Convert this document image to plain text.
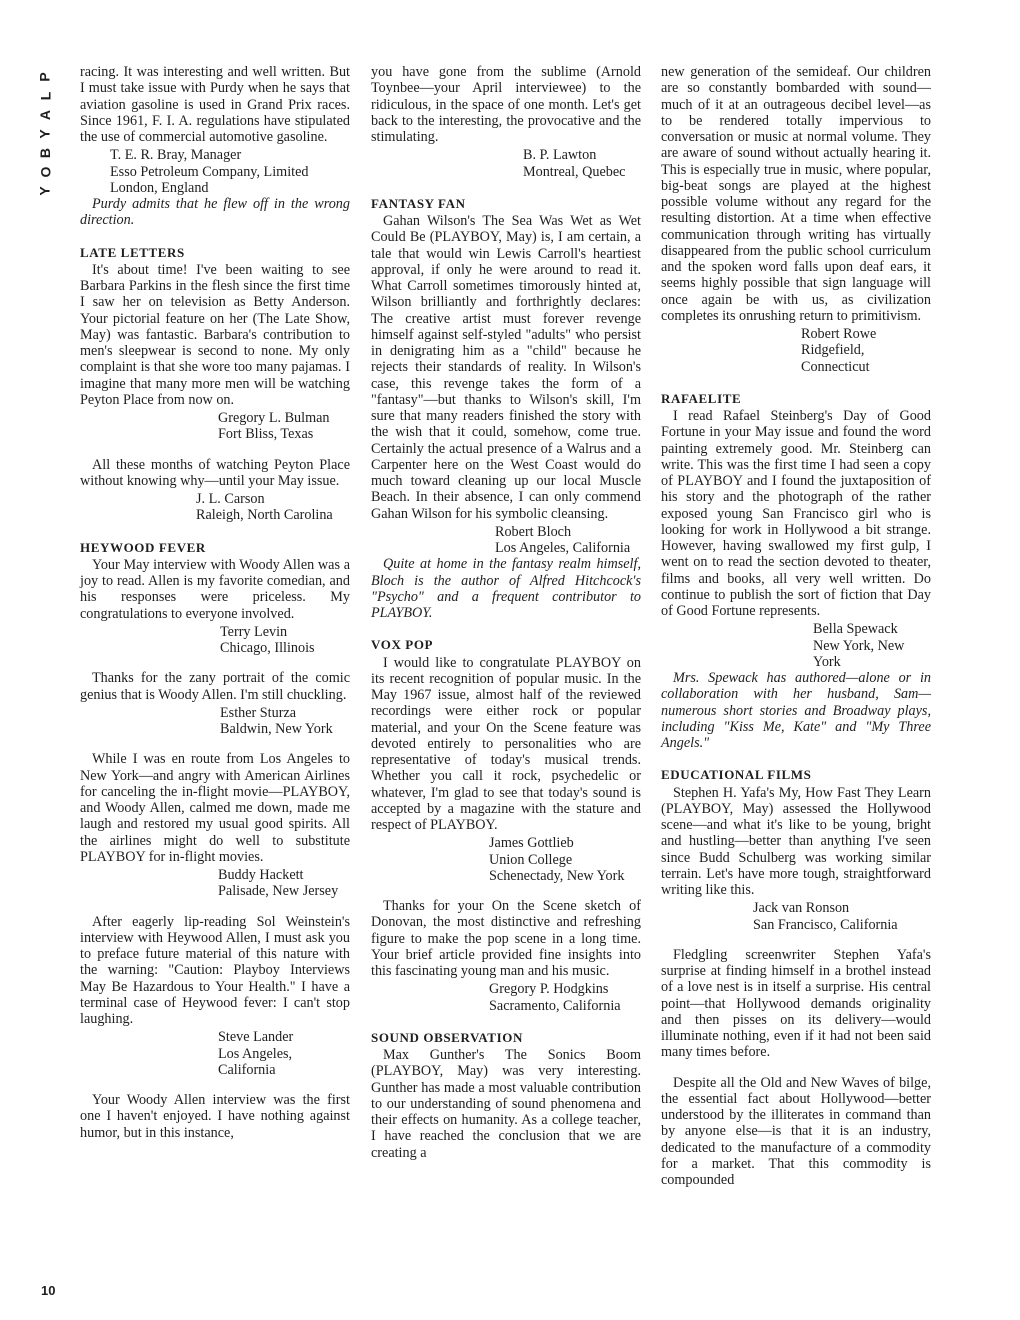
P
L
A
Y
B
O
Y
10

racing. It was interesting and well written. But I must take issue with Purdy when he says that aviation gasoline is used in Grand Prix races. Since 1961, F. I. A. regulations have stipulated the use of commercial automotive gasoline.

T. E. R. Bray, Manager
Esso Petroleum Company, Limited
London, England

Purdy admits that he flew off in the wrong direction.

LATE LETTERS

It's about time! I've been waiting to see Barbara Parkins in the flesh since the first time I saw her on television as Betty Anderson. Your pictorial feature on her (The Late Show, May) was fantastic. Barbara's contribution to men's sleepwear is second to none. My only complaint is that she wore too many pajamas. I imagine that many more men will be watching Peyton Place from now on.

Gregory L. Bulman
Fort Bliss, Texas

All these months of watching Peyton Place without knowing why—until your May issue.

J. L. Carson
Raleigh, North Carolina
HEYWOOD FEVER

Your May interview with Woody Allen was a joy to read. Allen is my favorite comedian, and his responses were priceless. My congratulations to everyone involved.

Terry Levin
Chicago, Illinois

Thanks for the zany portrait of the comic genius that is Woody Allen. I'm still chuckling.

Esther Sturza
Baldwin, New York

While I was en route from Los Angeles to New York—and angry with American Airlines for canceling the in-flight movie—PLAYBOY, and Woody Allen, calmed me down, made me laugh and restored my usual good spirits. All the airlines might do well to substitute PLAYBOY for in-flight movies.

Buddy Hackett
Palisade, New Jersey

After eagerly lip-reading Sol Weinstein's interview with Heywood Allen, I must ask you to preface future material of this nature with the warning: "Caution: Playboy Interviews May Be Hazardous to Your Health." I have a terminal case of Heywood fever: I can't stop laughing.

Steve Lander
Los Angeles, California

Your Woody Allen interview was the first one I haven't enjoyed. I have nothing against humor, but in this instance,

you have gone from the sublime (Arnold Toynbee—your April interviewee) to the ridiculous, in the space of one month. Let's get back to the interesting, the provocative and the stimulating.

B. P. Lawton
Montreal, Quebec
FANTASY FAN

Gahan Wilson's The Sea Was Wet as Wet Could Be (PLAYBOY, May) is, I am certain, a tale that would win Lewis Carroll's heartiest approval, if only he were around to read it. What Carroll sometimes timorously hinted at, Wilson brilliantly and forthrightly declares: The creative artist must forever revenge himself against self-styled "adults" who persist in denigrating him as a "child" because he rejects their standards of reality. In Wilson's case, this revenge takes the form of a "fantasy"—but thanks to Wilson's skill, I'm sure that many readers finished the story with the wish that it could, somehow, come true. Certainly the actual presence of a Walrus and a Carpenter here on the West Coast would do much toward cleaning up our local Muscle Beach. In their absence, I can only commend Gahan Wilson for his symbolic cleansing.

Robert Bloch
Los Angeles, California

Quite at home in the fantasy realm himself, Bloch is the author of Alfred Hitchcock's "Psycho" and a frequent contributor to PLAYBOY.

VOX POP

I would like to congratulate PLAYBOY on its recent recognition of popular music. In the May 1967 issue, almost half of the reviewed recordings were either rock or popular material, and your On the Scene feature was devoted entirely to personalities who are representative of today's musical trends. Whether you call it rock, psychedelic or whatever, I'm glad to see that today's sound is accepted by a magazine with the stature and respect of PLAYBOY.

James Gottlieb
Union College
Schenectady, New York

Thanks for your On the Scene sketch of Donovan, the most distinctive and refreshing figure to make the pop scene in a long time. Your brief article provided fine insights into this fascinating young man and his music.

Gregory P. Hodgkins
Sacramento, California
SOUND OBSERVATION

Max Gunther's The Sonics Boom (PLAYBOY, May) was very interesting. Gunther has made a most valuable contribution to our understanding of sound phenomena and their effects on humanity. As a college teacher, I have reached the conclusion that we are creating a

new generation of the semideaf. Our children are so constantly bombarded with sound—much of it at an outrageous decibel level—as to be rendered totally impervious to conversation or music at normal volume. They are aware of sound without actually hearing it. This is especially true in music, where popular, big-beat songs are played at the highest possible volume without any regard for the resulting distortion. At a time when effective communication through writing has virtually disappeared from the public school curriculum and the spoken word falls upon deaf ears, it seems highly possible that sign language will once again be with us, as civilization completes its onrushing return to primitivism.

Robert Rowe
Ridgefield, Connecticut
RAFAELITE

I read Rafael Steinberg's Day of Good Fortune in your May issue and found the word painting extremely good. Mr. Steinberg can write. This was the first time I had seen a copy of PLAYBOY and I found the juxtaposition of his story and the photograph of the rather exposed young San Francisco girl who is looking for work in Hollywood a bit strange. However, having swallowed my first gulp, I went on to read the section devoted to theater, films and books, all very well written. Do continue to publish the sort of fiction that Day of Good Fortune represents.

Bella Spewack
New York, New York

Mrs. Spewack has authored—alone or in collaboration with her husband, Sam—numerous short stories and Broadway plays, including "Kiss Me, Kate" and "My Three Angels."

EDUCATIONAL FILMS

Stephen H. Yafa's My, How Fast They Learn (PLAYBOY, May) assessed the Hollywood scene—and what it's like to be young, bright and hustling—better than anything I've seen since Budd Schulberg was working similar terrain. Let's have more tough, straightforward writing like this.

Jack van Ronson
San Francisco, California

Fledgling screenwriter Stephen Yafa's surprise at finding himself in a brothel instead of a love nest is in itself a surprise. His central point—that Hollywood demands originality and then pisses on its delivery—would illuminate nothing, even if it had not been said many times before.

Despite all the Old and New Waves of bilge, the essential fact about Hollywood—better understood by the illiterates in command than by anyone else—is that it is an industry, dedicated to the manufacture of a commodity for a market. That this commodity is compounded
